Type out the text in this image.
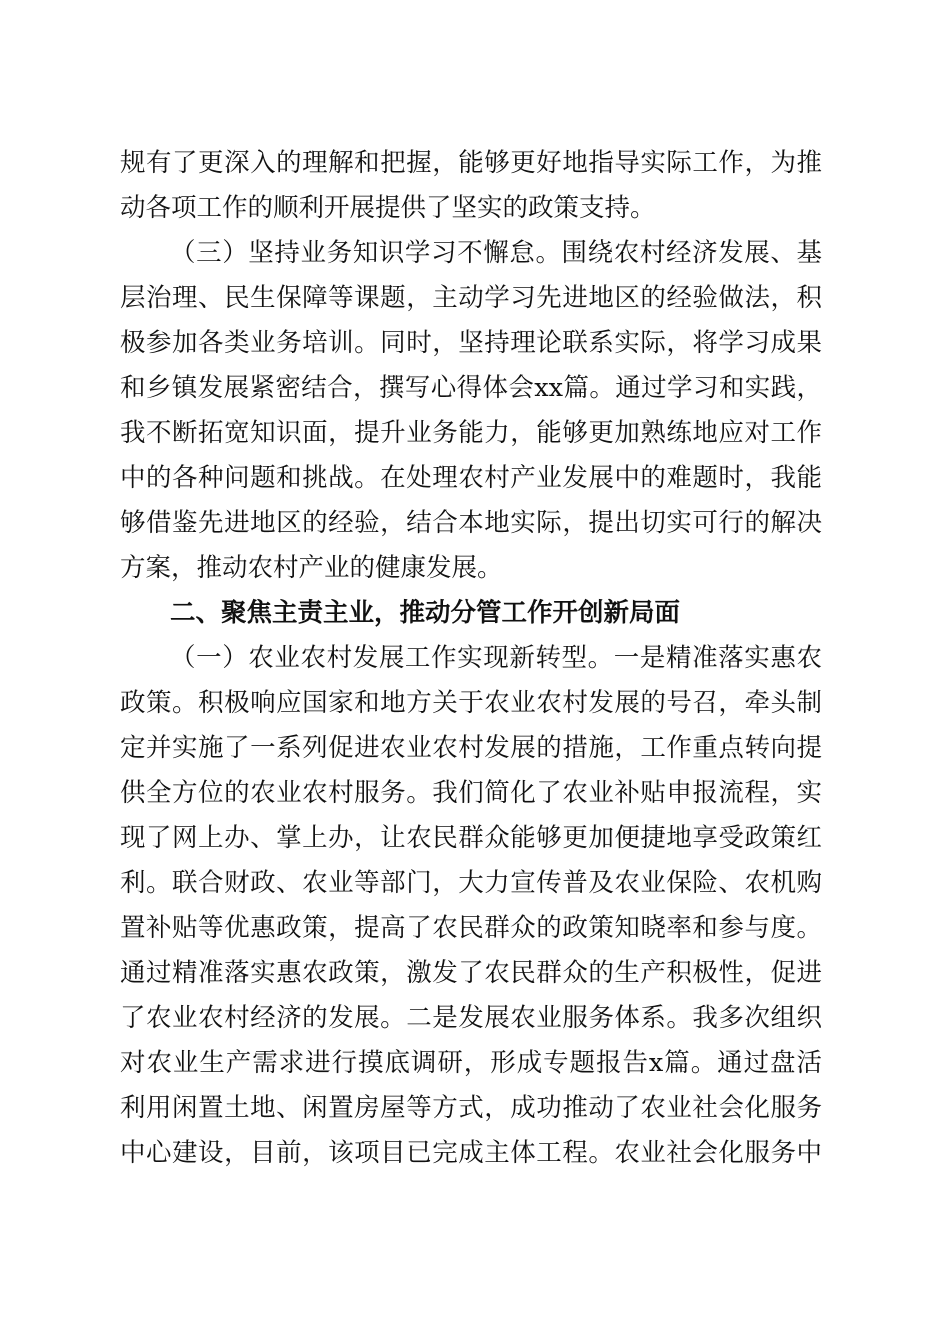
规有了更深入的理解和把握，能够更好地指导实际工作，为推
动各项工作的顺利开展提供了坚实的政策支持。
（三）坚持业务知识学习不懈怠。围绕农村经济发展、基
层治理、民生保障等课题，主动学习先进地区的经验做法，积
极参加各类业务培训。同时，坚持理论联系实际，将学习成果
和乡镇发展紧密结合，撰写心得体会xx篇。通过学习和实践，
我不断拓宽知识面，提升业务能力，能够更加熟练地应对工作
中的各种问题和挑战。在处理农村产业发展中的难题时，我能
够借鉴先进地区的经验，结合本地实际，提出切实可行的解决
方案，推动农村产业的健康发展。
二、聚焦主责主业，推动分管工作开创新局面
（一）农业农村发展工作实现新转型。一是精准落实惠农
政策。积极响应国家和地方关于农业农村发展的号召，牵头制
定并实施了一系列促进农业农村发展的措施，工作重点转向提
供全方位的农业农村服务。我们简化了农业补贴申报流程，实
现了网上办、掌上办，让农民群众能够更加便捷地享受政策红
利。联合财政、农业等部门，大力宣传普及农业保险、农机购
置补贴等优惠政策，提高了农民群众的政策知晓率和参与度。
通过精准落实惠农政策，激发了农民群众的生产积极性，促进
了农业农村经济的发展。二是发展农业服务体系。我多次组织
对农业生产需求进行摸底调研，形成专题报告x篇。通过盘活
利用闲置土地、闲置房屋等方式，成功推动了农业社会化服务
中心建设，目前，该项目已完成主体工程。农业社会化服务中
